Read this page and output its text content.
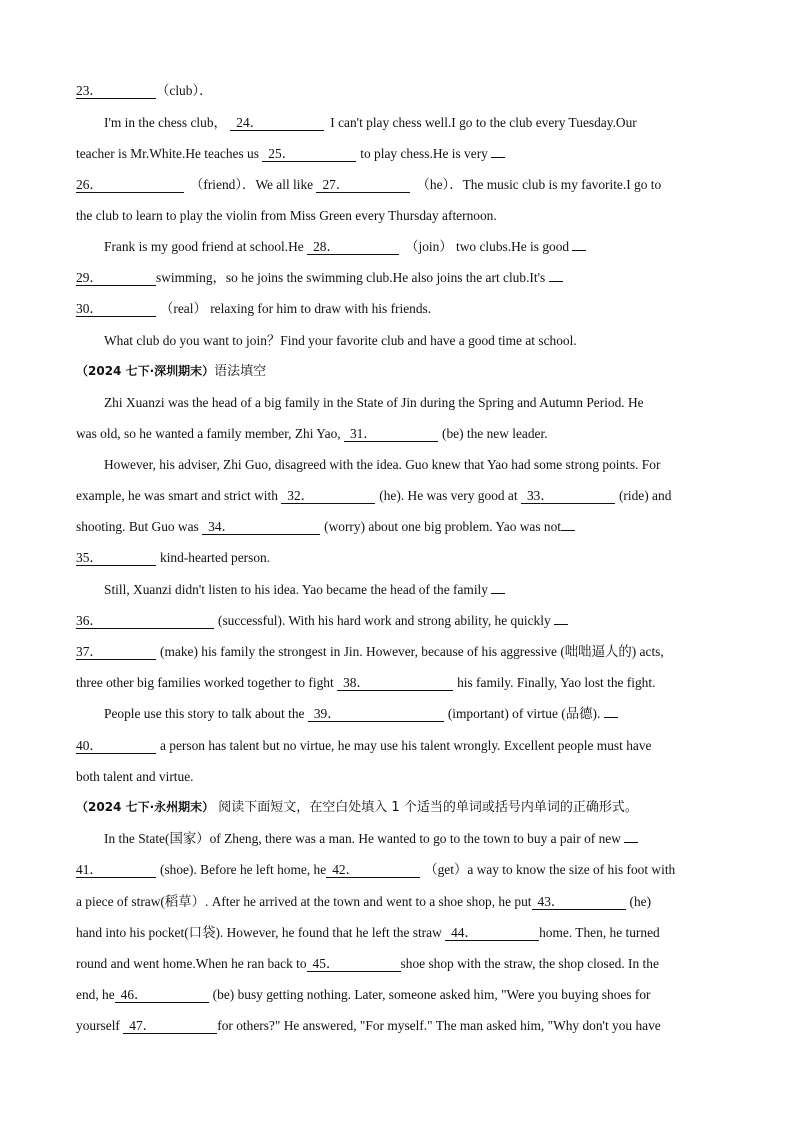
23．	（club）．
I'm in the chess club， 24．	I can't play chess well.I go to the club every Tuesday.Our
teacher is Mr.White.He teaches us 25．	to play chess.He is very
26．	（friend）．We all like 27．	（he）．The music club is my favorite.I go to
the club to learn to play the violin from Miss Green every Thursday afternoon.
Frank is my good friend at school.He 28．	（join） two clubs.He is good
29．	swimming，so he joins the swimming club.He also joins the art club.It's
30．	（real） relaxing for him to draw with his friends.
What club do you want to join？Find your favorite club and have a good time at school.
（2024 七下·深圳期末）语法填空
Zhi Xuanzi was the head of a big family in the State of Jin during the Spring and Autumn Period. He
was old, so he wanted a family member, Zhi Yao, 31．	(be) the new leader.
However, his adviser, Zhi Guo, disagreed with the idea. Guo knew that Yao had some strong points. For
example, he was smart and strict with 32．	(he). He was very good at 33．	(ride) and
shooting. But Guo was 34．	(worry) about one big problem. Yao was not
35．	kind-hearted person.
Still, Xuanzi didn't listen to his idea. Yao became the head of the family
36．	(successful). With his hard work and strong ability, he quickly
37．	(make) his family the strongest in Jin. However, because of his aggressive (咄咄逼人的) acts,
three other big families worked together to fight 38．	his family. Finally, Yao lost the fight.
People use this story to talk about the 39．	(important) of virtue (品德).
40．	a person has talent but no virtue, he may use his talent wrongly. Excellent people must have
both talent and virtue.
（2024 七下·永州期末） 阅读下面短文，在空白处填入 1 个适当的单词或括号内单词的正确形式。
In the State(国家）of Zheng, there was a man. He wanted to go to the town to buy a pair of new
41．	(shoe). Before he left home, he 42．	（get）a way to know the size of his foot with
a piece of straw(稻草）. After he arrived at the town and went to a shoe shop, he put 43．	(he)
hand into his pocket(口袋). However, he found that he left the straw 44．	home. Then, he turned
round and went home.When he ran back to 45．	shoe shop with the straw, the shop closed. In the
end, he 46．	(be) busy getting nothing. Later, someone asked him, "Were you buying shoes for
yourself 47．	for others?" He answered, "For myself." The man asked him, "Why don't you have
